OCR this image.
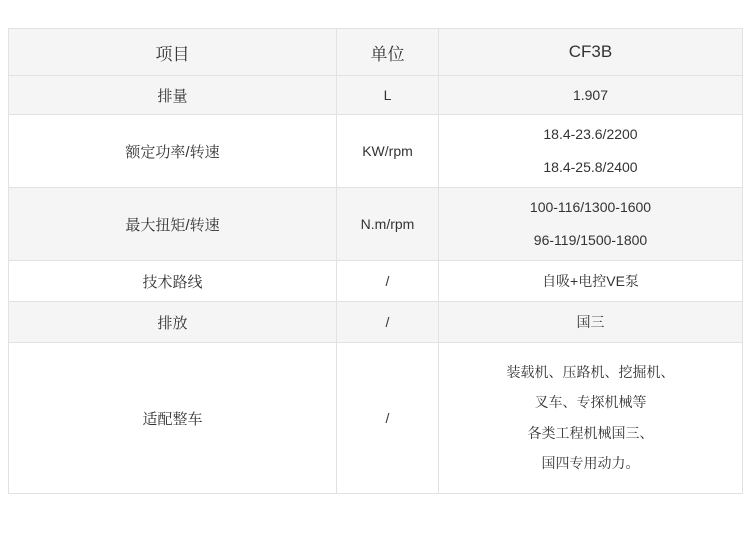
项目	单位	CF3B
排量	L	1.907
额定功率/转速	KW/rpm	18.4-23.6/2200
18.4-25.8/2400

最大扭矩/转速	N.m/rpm	100-116/1300-1600
96-119/1500-1800

技术路线	/	自吸+电控VE泵
排放	/	国三
适配整车	/	装载机、压路机、挖掘机、
叉车、专探机械等
各类工程机械国三、
国四专用动力。
